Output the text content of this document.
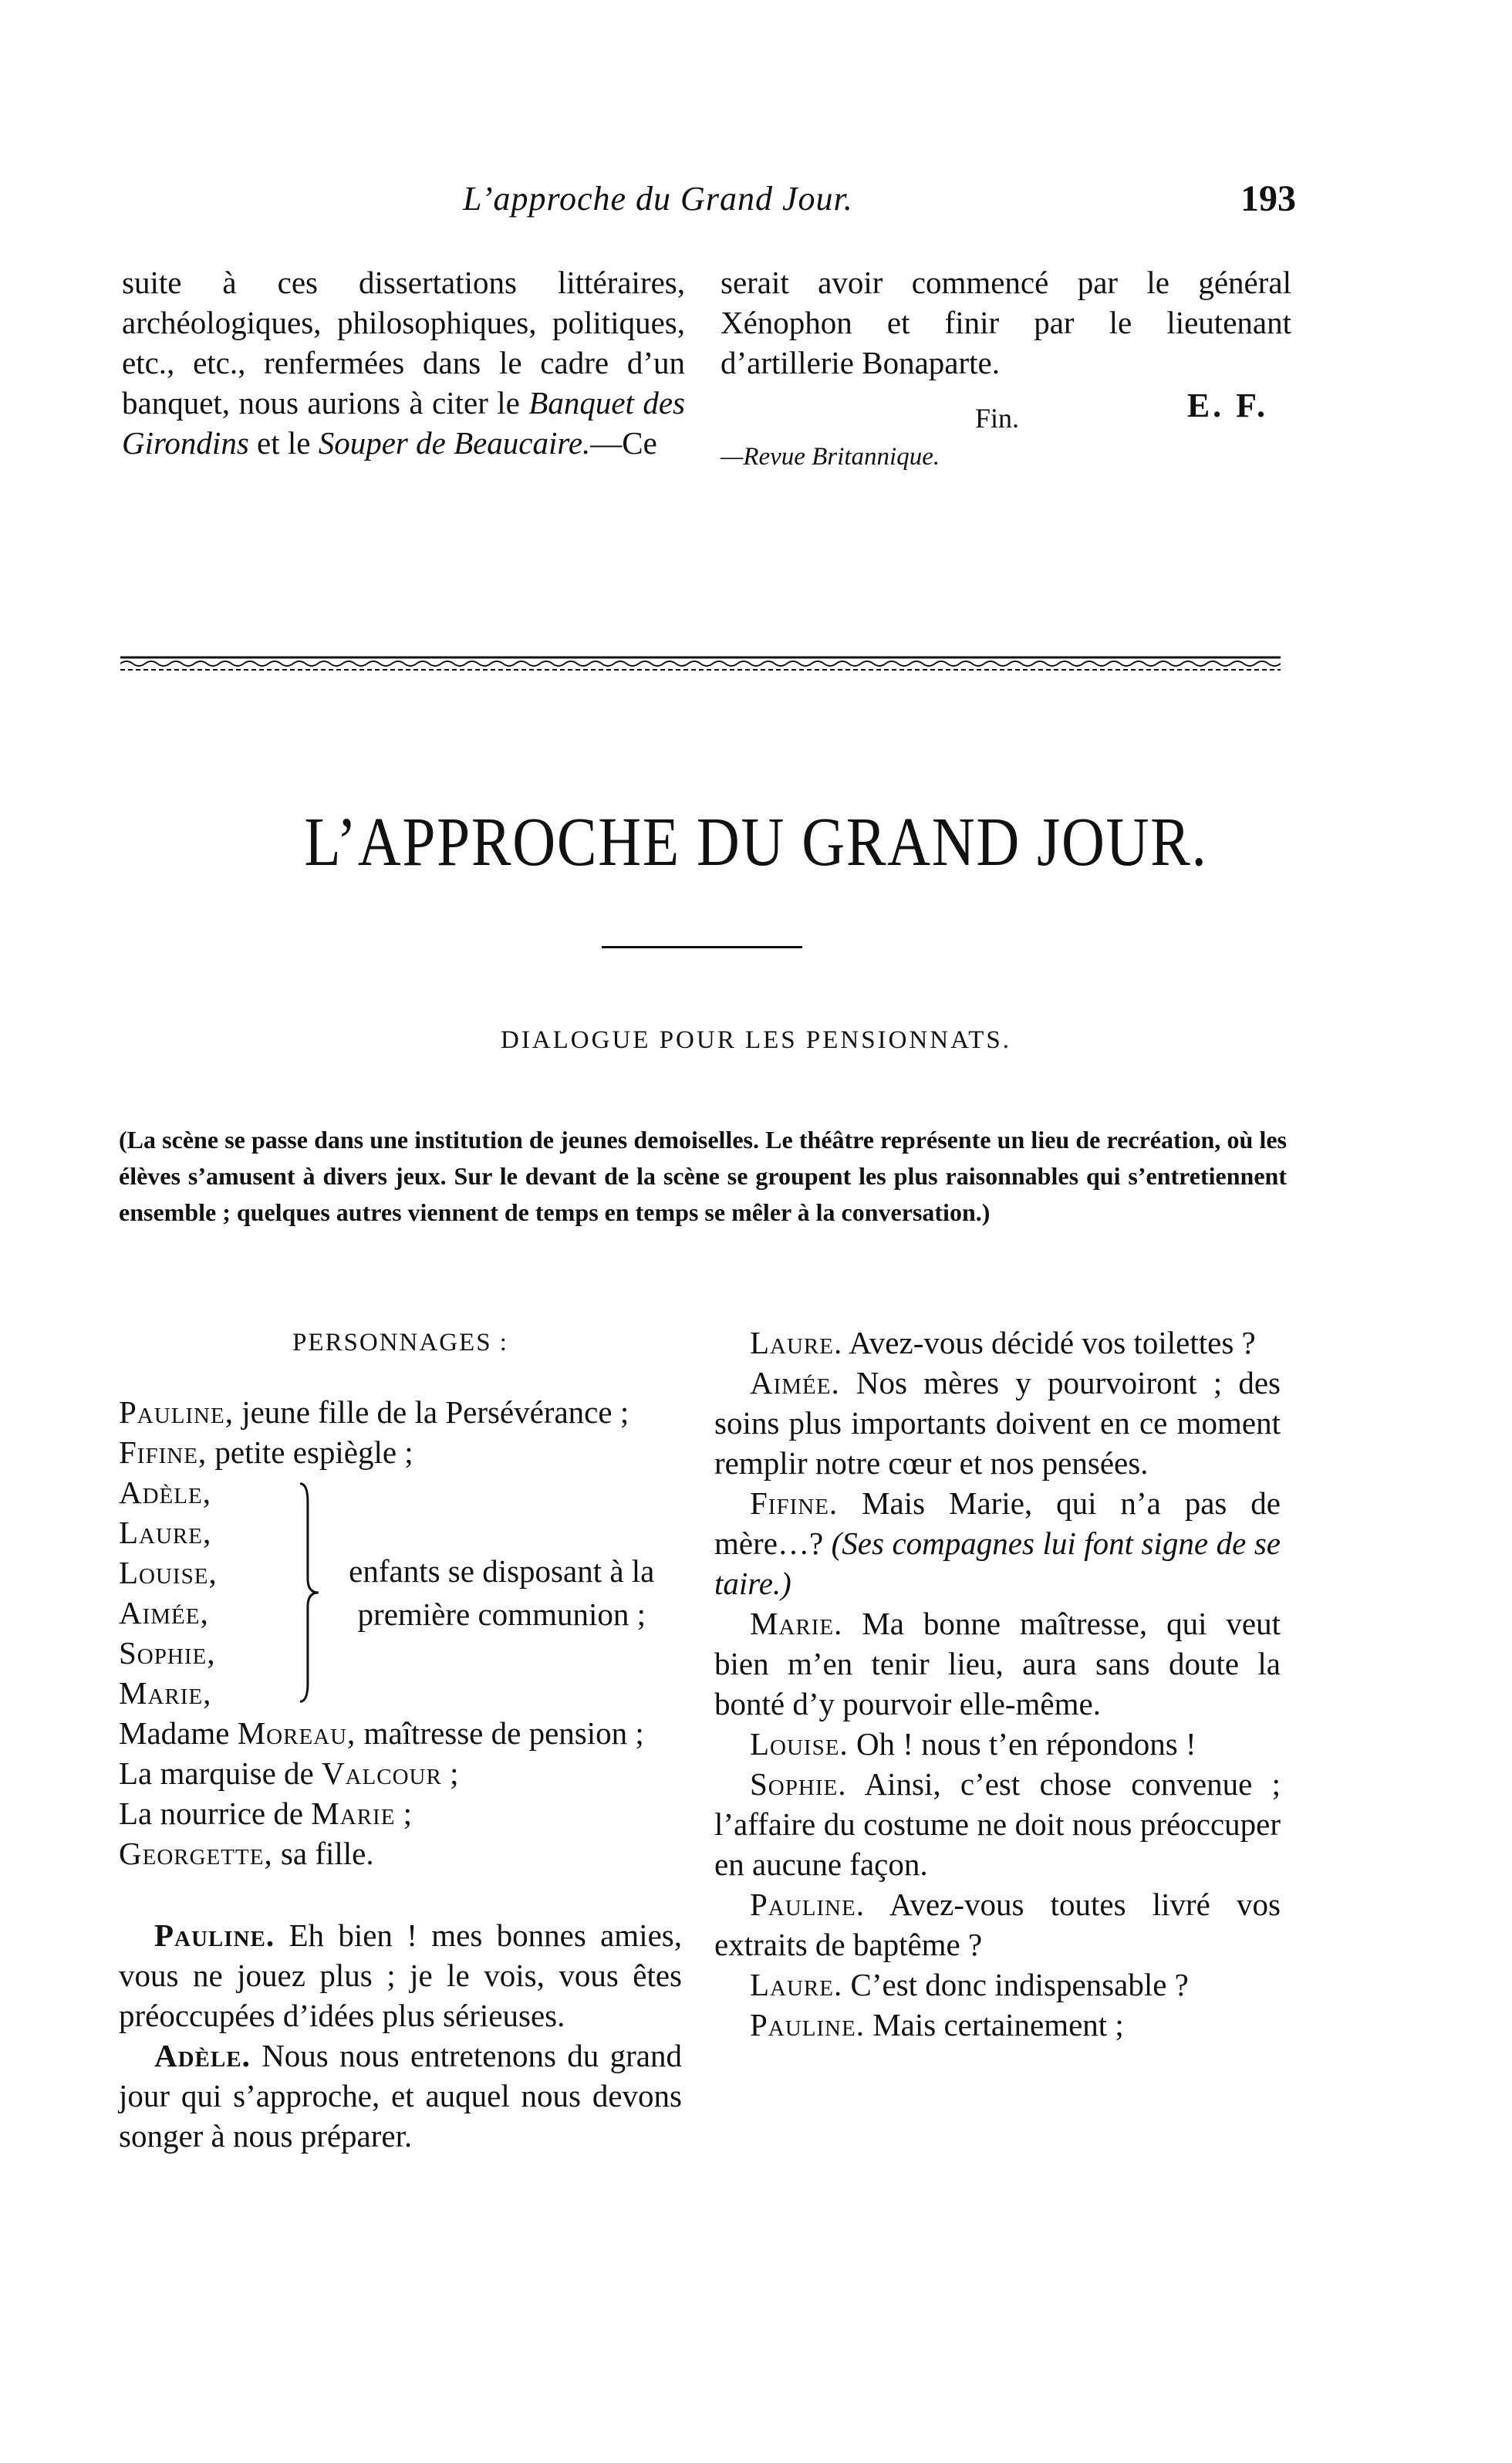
L’approche du Grand Jour.	193

suite à ces dissertations littéraires, archéologiques, philosophiques, politiques, etc., etc., renfermées dans le cadre d’un banquet, nous aurions à citer le Banquet des Girondins et le Souper de Beaucaire.—Ce

serait avoir commencé par le général Xénophon et finir par le lieutenant d’artillerie Bonaparte.

Fin.	E. F.
—Revue Britannique.
L’APPROCHE DU GRAND JOUR.
DIALOGUE POUR LES PENSIONNATS.
(La scène se passe dans une institution de jeunes demoiselles. Le théâtre représente un lieu de recréation, où les élèves s’amusent à divers jeux. Sur le devant de la scène se groupent les plus raisonnables qui s’entretiennent ensemble ; quelques autres viennent de temps en temps se mêler à la conversation.)
PERSONNAGES :
Pauline, jeune fille de la Persévérance ;
Fifine, petite espiègle ;
Adèle,
Laure,
Louise,
Aimée,
Sophie,
Marie,
enfants se disposant à la première communion ;
Madame Moreau, maîtresse de pension ;
La marquise de Valcour ;
La nourrice de Marie ;
Georgette, sa fille.

Pauline. Eh bien ! mes bonnes amies, vous ne jouez plus ; je le vois, vous êtes préoccupées d’idées plus sérieuses.

Adèle. Nous nous entretenons du grand jour qui s’approche, et auquel nous devons songer à nous préparer.

Laure. Avez-vous décidé vos toilettes ?

Aimée. Nos mères y pourvoiront ; des soins plus importants doivent en ce moment remplir notre cœur et nos pensées.

Fifine. Mais Marie, qui n’a pas de mère…? (Ses compagnes lui font signe de se taire.)

Marie. Ma bonne maîtresse, qui veut bien m’en tenir lieu, aura sans doute la bonté d’y pourvoir elle-même.

Louise. Oh ! nous t’en répondons !

Sophie. Ainsi, c’est chose convenue ; l’affaire du costume ne doit nous préoccuper en aucune façon.

Pauline. Avez-vous toutes livré vos extraits de baptême ?

Laure. C’est donc indispensable ?

Pauline. Mais certainement ;
